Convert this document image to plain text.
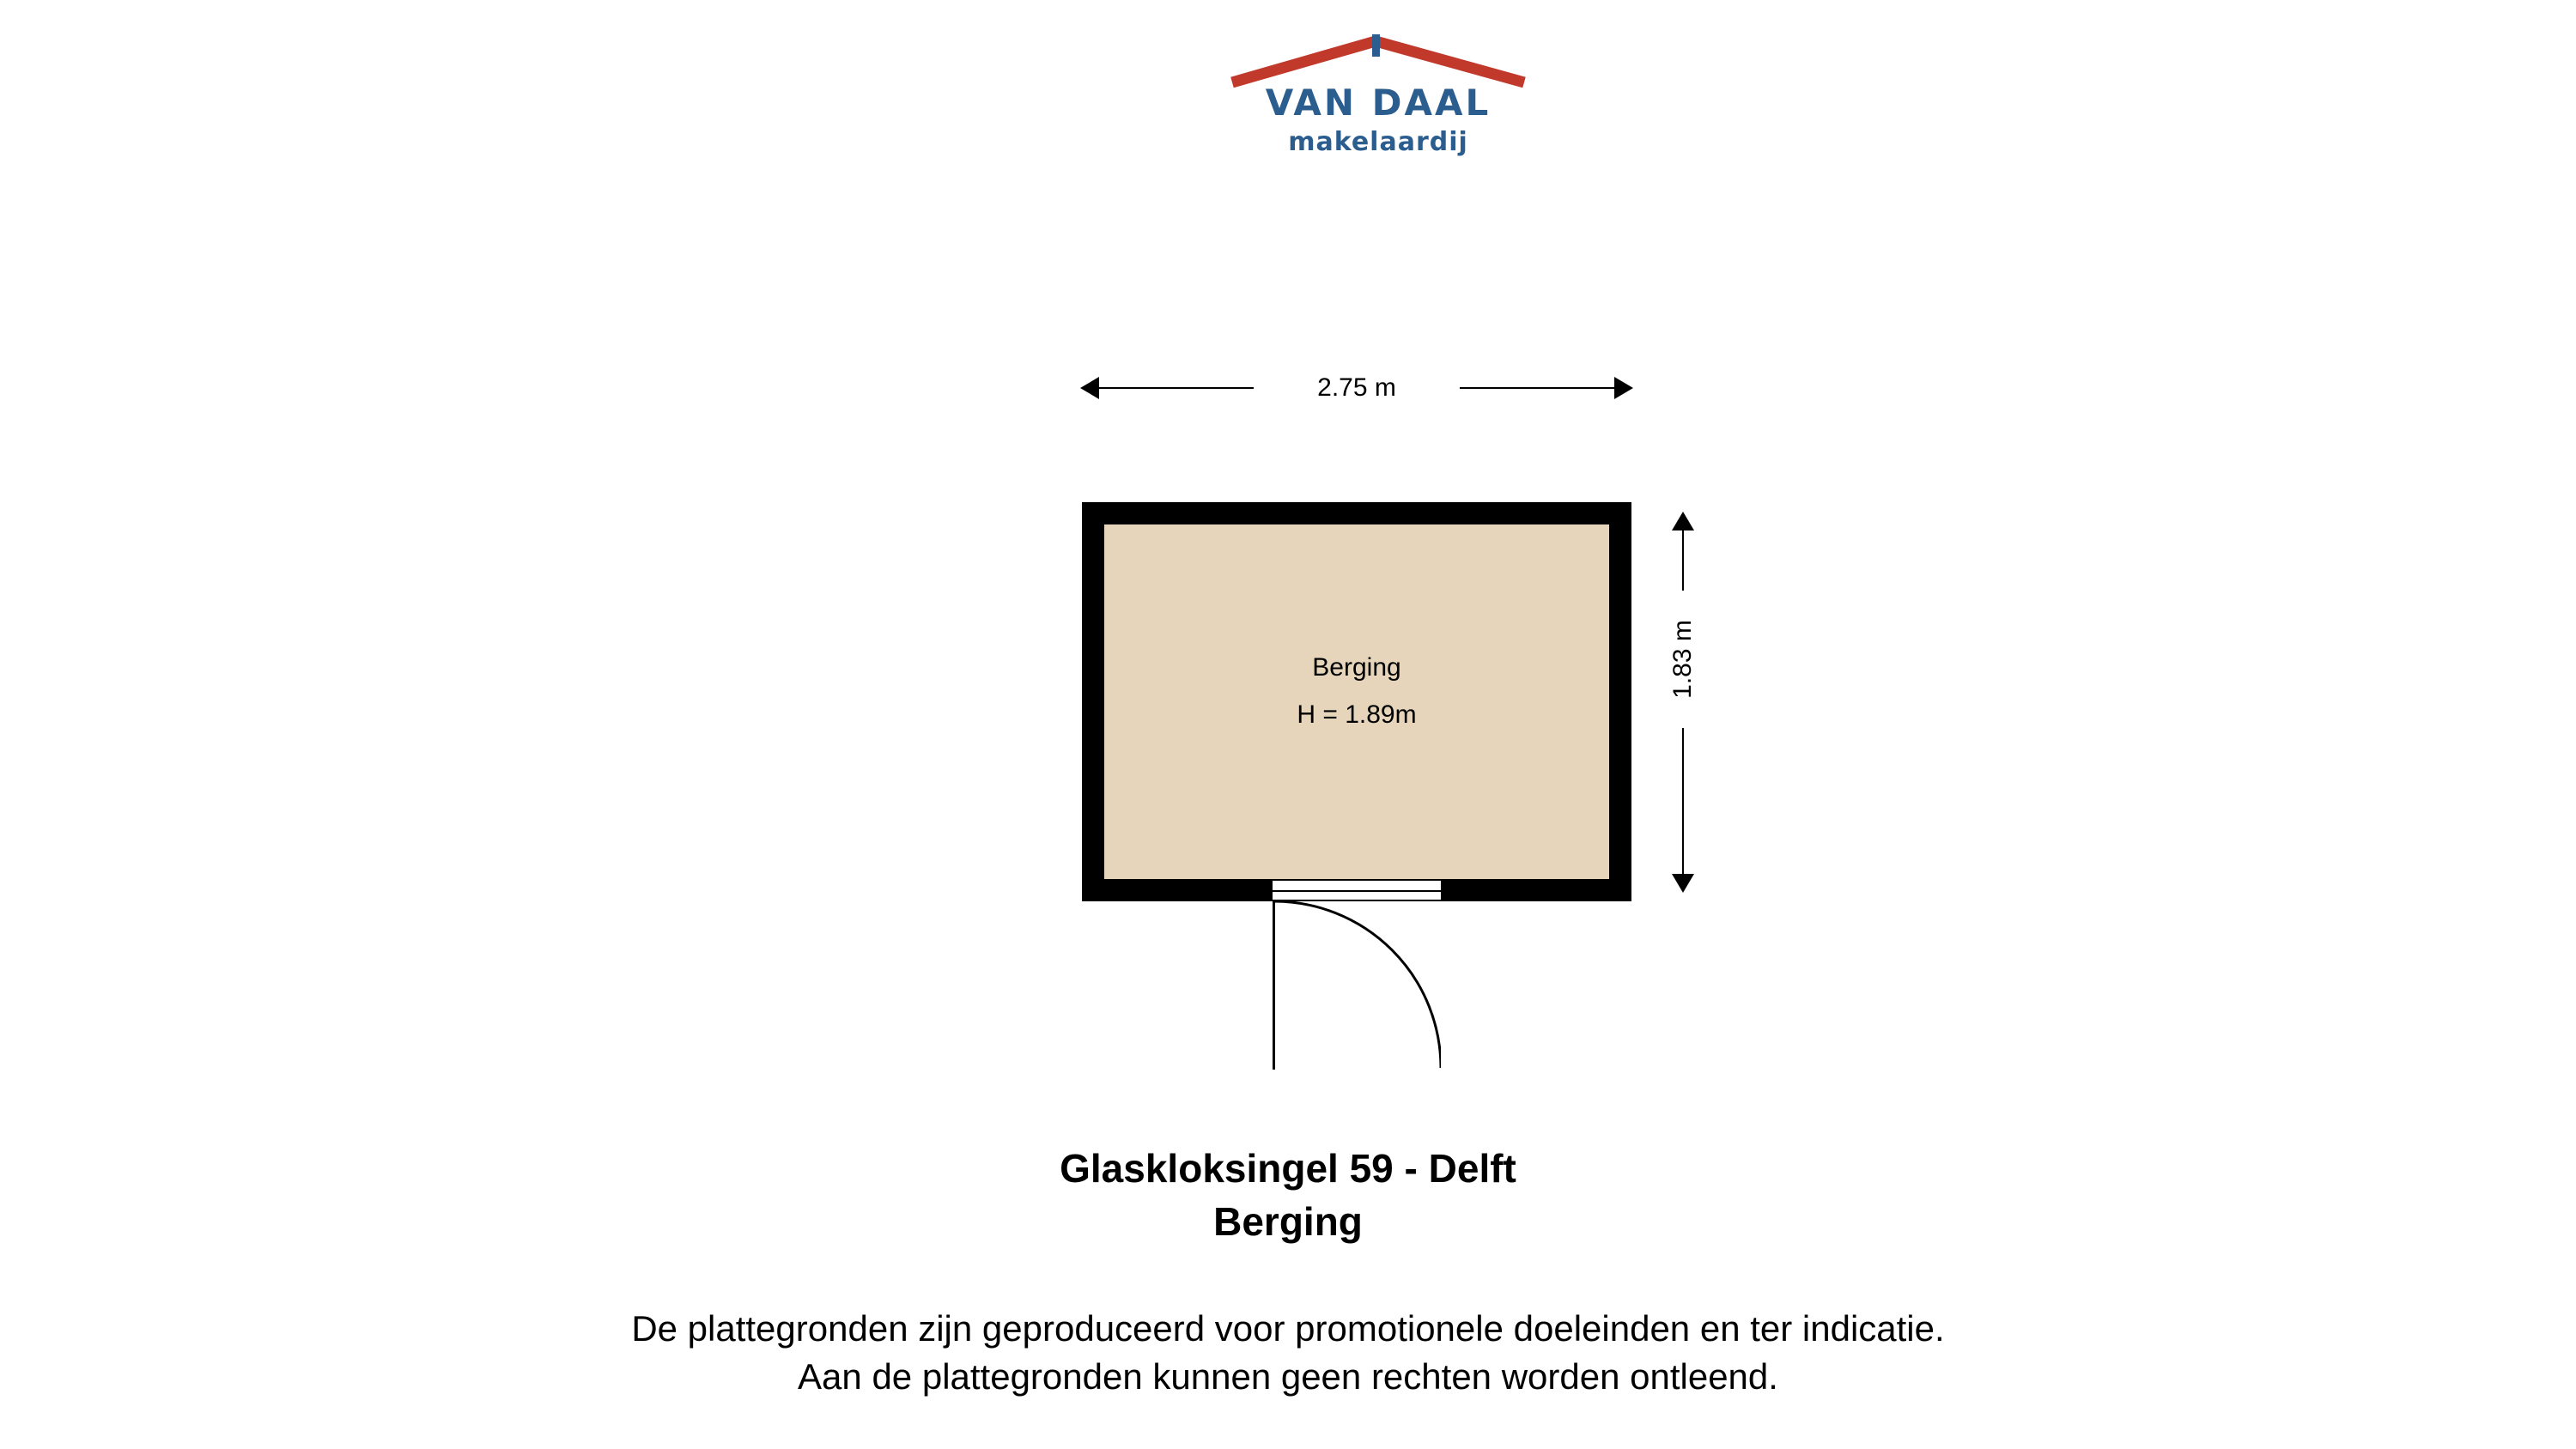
VAN DAAL
makelaardij
2.75 m
1.83 m
Berging
H = 1.89m
Glaskloksingel 59 - Delft
Berging
De plattegronden zijn geproduceerd voor promotionele doeleinden en ter indicatie.
Aan de plattegronden kunnen geen rechten worden ontleend.
